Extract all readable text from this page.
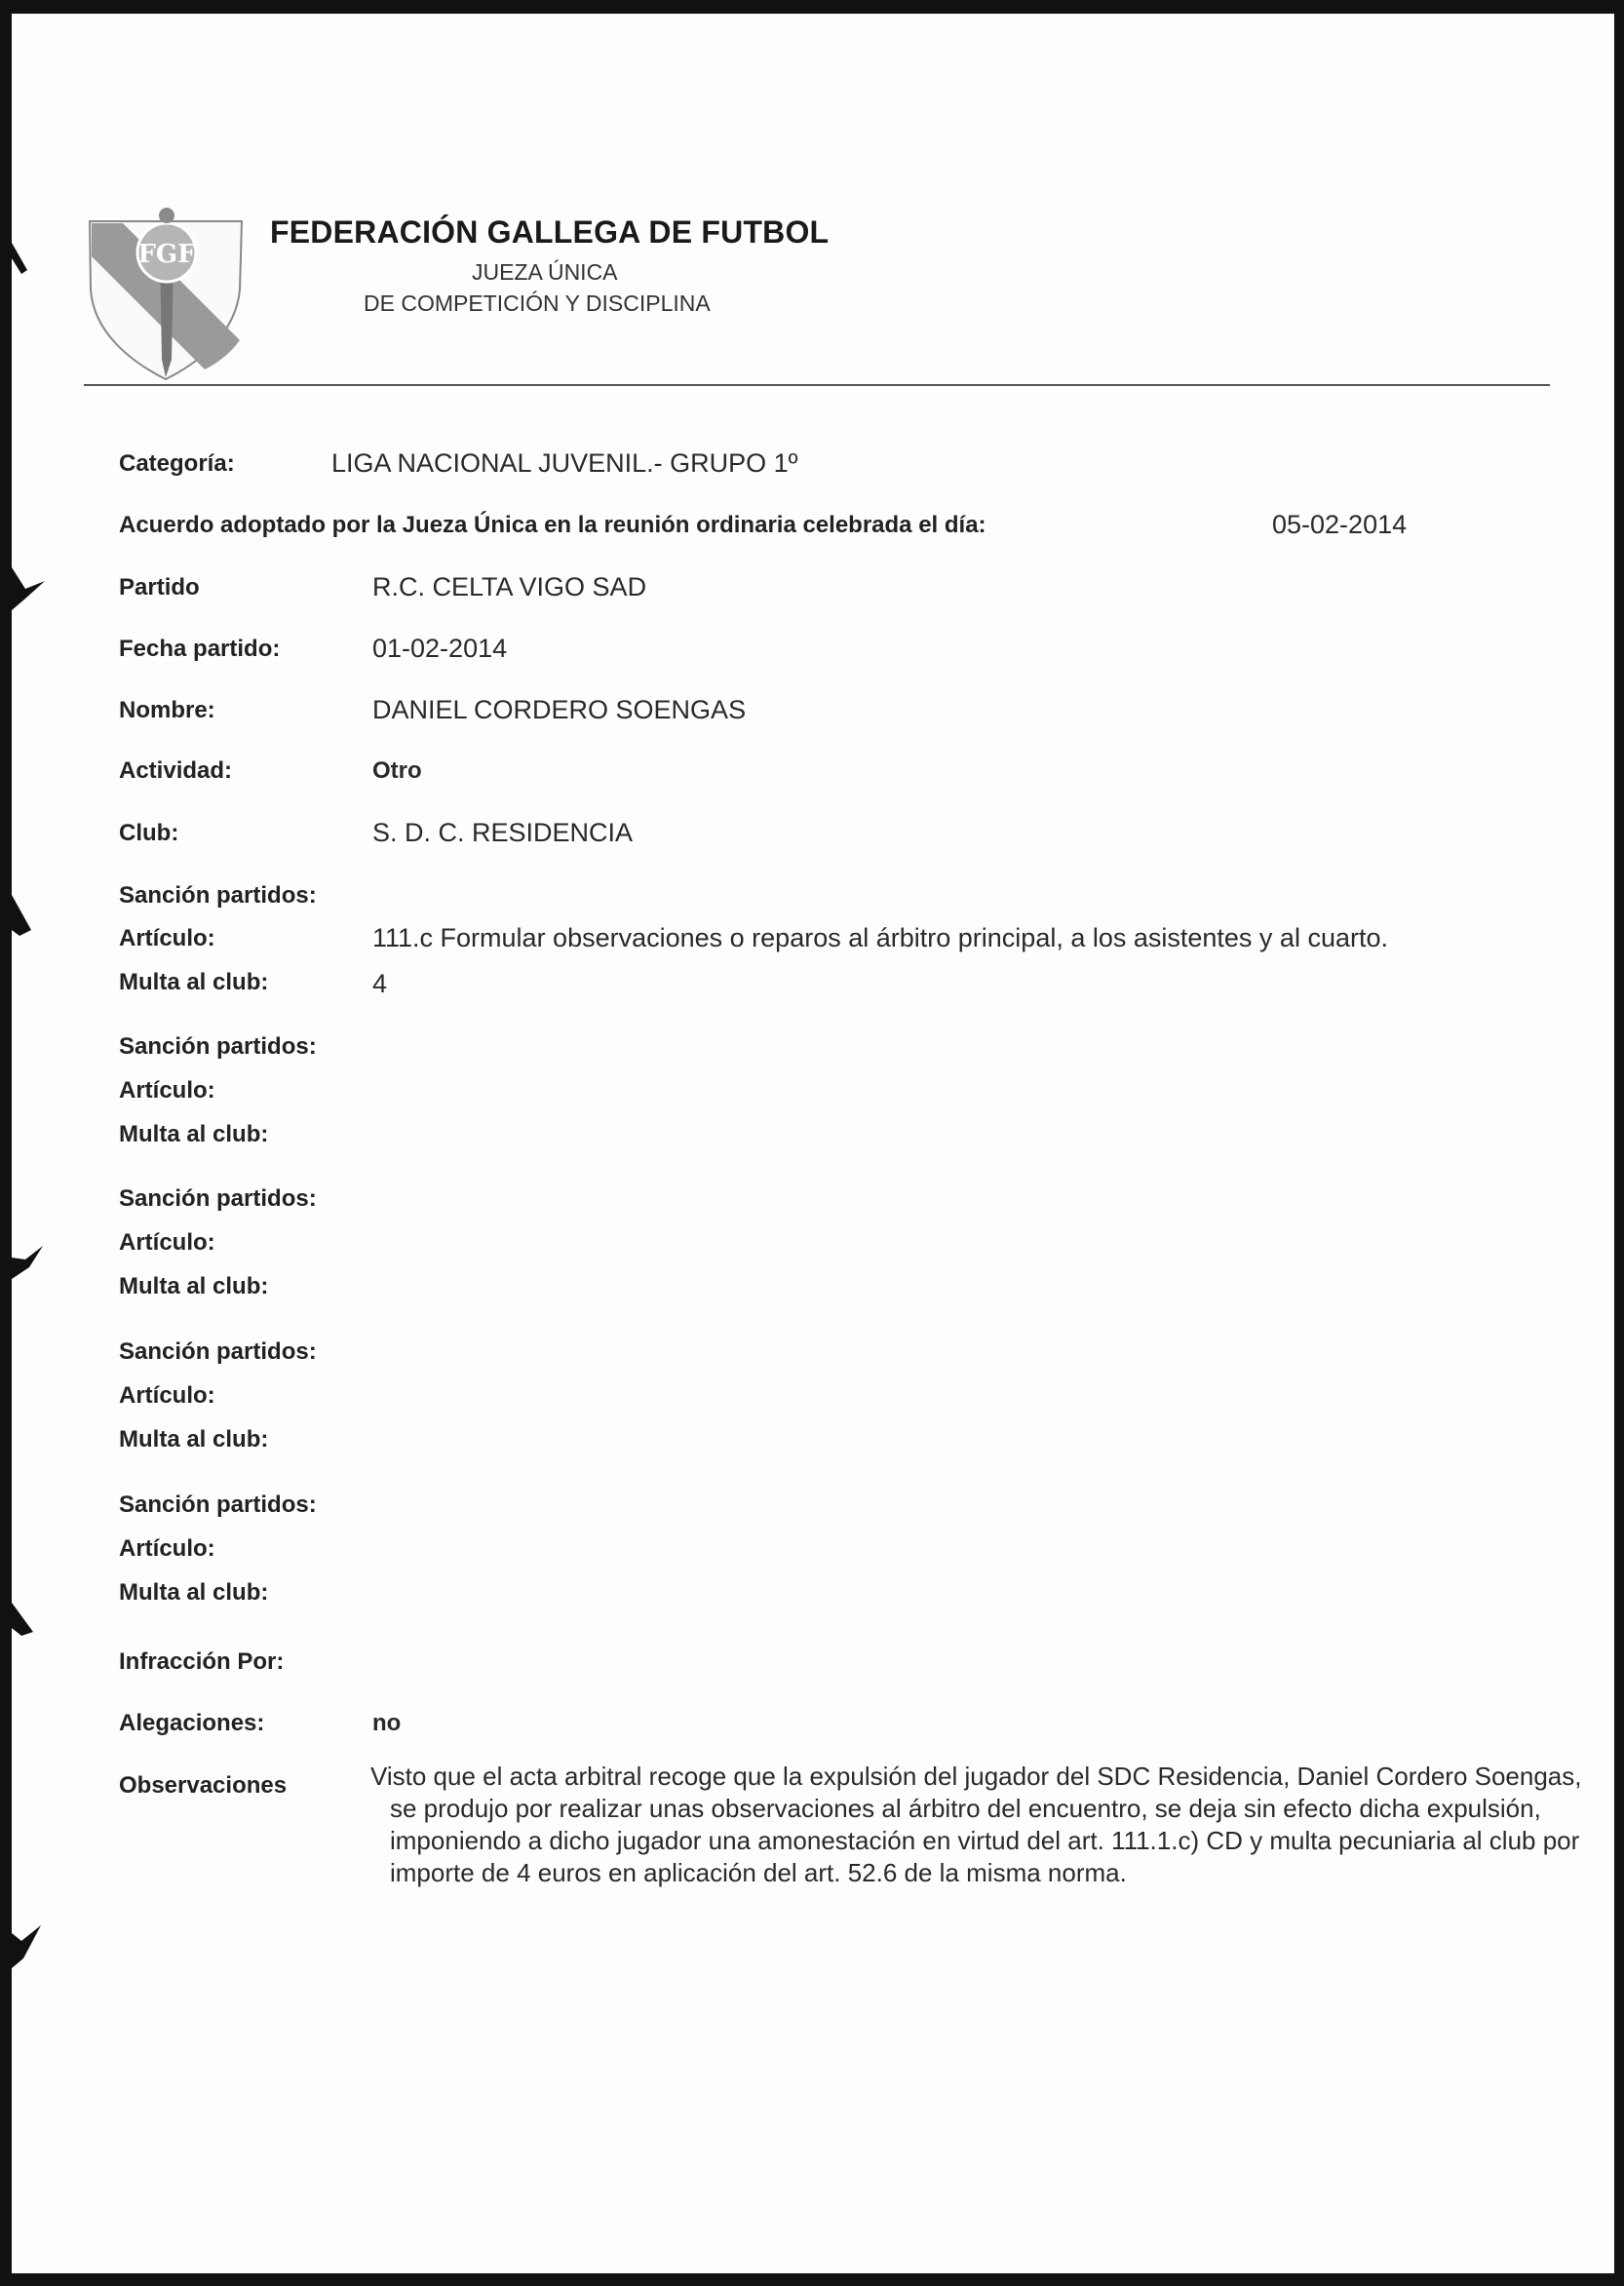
FGF
FEDERACIÓN GALLEGA DE FUTBOL
JUEZA ÚNICA
DE COMPETICIÓN Y DISCIPLINA
Categoría:	LIGA NACIONAL JUVENIL.- GRUPO 1º
Acuerdo adoptado por la Jueza Única en la reunión ordinaria celebrada el día:	05-02-2014
Partido	R.C. CELTA VIGO SAD
Fecha partido:	01-02-2014
Nombre:	DANIEL CORDERO SOENGAS
Actividad:	Otro
Club:	S. D. C. RESIDENCIA
Sanción partidos:
Artículo:	111.c Formular observaciones o reparos al árbitro principal, a los asistentes y al cuarto.
Multa al club:	4
Sanción partidos:
Artículo:
Multa al club:
Sanción partidos:
Artículo:
Multa al club:
Sanción partidos:
Artículo:
Multa al club:
Sanción partidos:
Artículo:
Multa al club:
Infracción Por:
Alegaciones:	no
Observaciones	Visto que el acta arbitral recoge que la expulsión del jugador del SDC Residencia, Daniel Cordero Soengas, se produjo por realizar unas observaciones al árbitro del encuentro, se deja sin efecto dicha expulsión, imponiendo a dicho jugador una amonestación en virtud del art. 111.1.c) CD y multa pecuniaria al club por importe de 4 euros en aplicación del art. 52.6 de la misma norma.
